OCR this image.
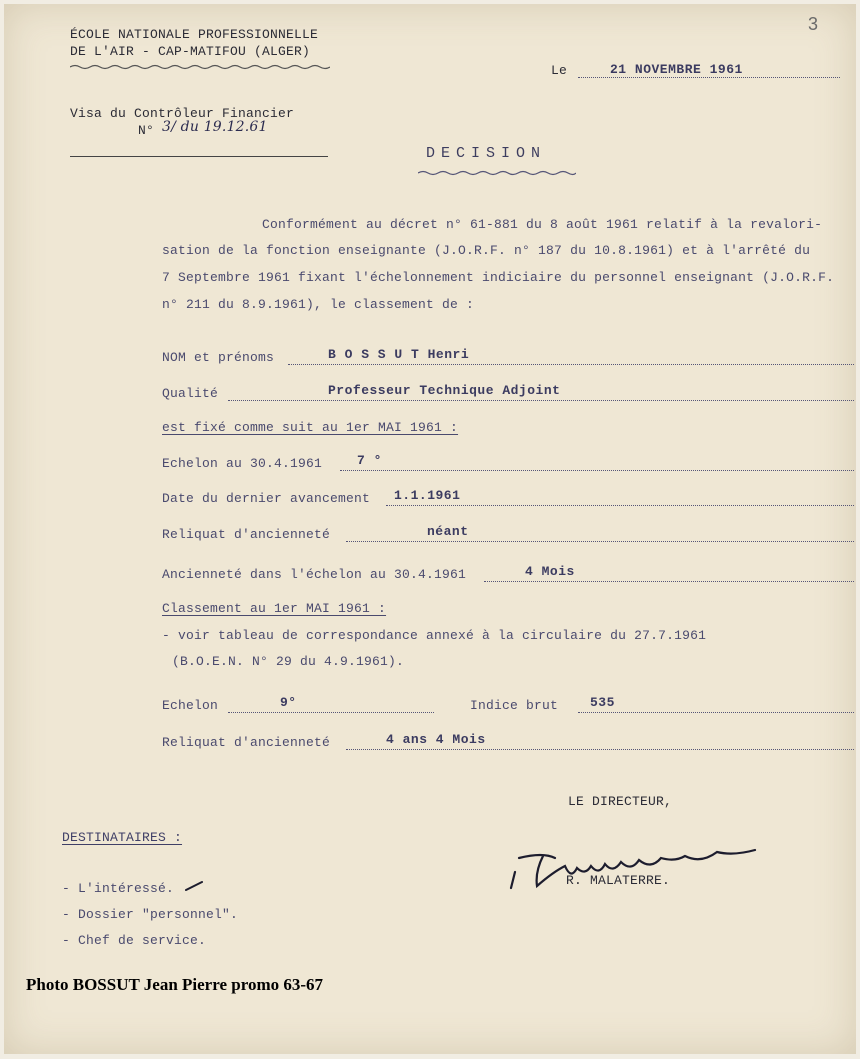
3
ÉCOLE NATIONALE PROFESSIONNELLE
DE L'AIR - CAP-MATIFOU (ALGER)
Le	21 NOVEMBRE 1961
Visa du Contrôleur Financier
N° 3/ du 19.12.61
DECISION
Conformément au décret n° 61-881 du 8 août 1961 relatif à la revalori-
sation de la fonction enseignante (J.O.R.F. n° 187 du 10.8.1961) et à l'arrêté du
7 Septembre 1961 fixant l'échelonnement indiciaire du personnel enseignant (J.O.R.F.
n° 211 du 8.9.1961), le classement de :
NOM et prénoms	B O S S U T Henri
Qualité	Professeur Technique Adjoint
est fixé comme suit au 1er MAI 1961 :
Echelon au 30.4.1961	7 °
Date du dernier avancement 1.1.1961
Reliquat d'ancienneté	néant
Ancienneté dans l'échelon au 30.4.1961	4 Mois
Classement au 1er MAI 1961 :
- voir tableau de correspondance annexé à la circulaire du 27.7.1961
(B.O.E.N. N° 29 du 4.9.1961).
Echelon	9°	Indice brut 535
Reliquat d'ancienneté	4 ans 4 Mois
LE DIRECTEUR,
R. MALATERRE.
DESTINATAIRES :
- L'intéressé.
- Dossier "personnel".
- Chef de service.
Photo BOSSUT Jean Pierre promo 63-67
